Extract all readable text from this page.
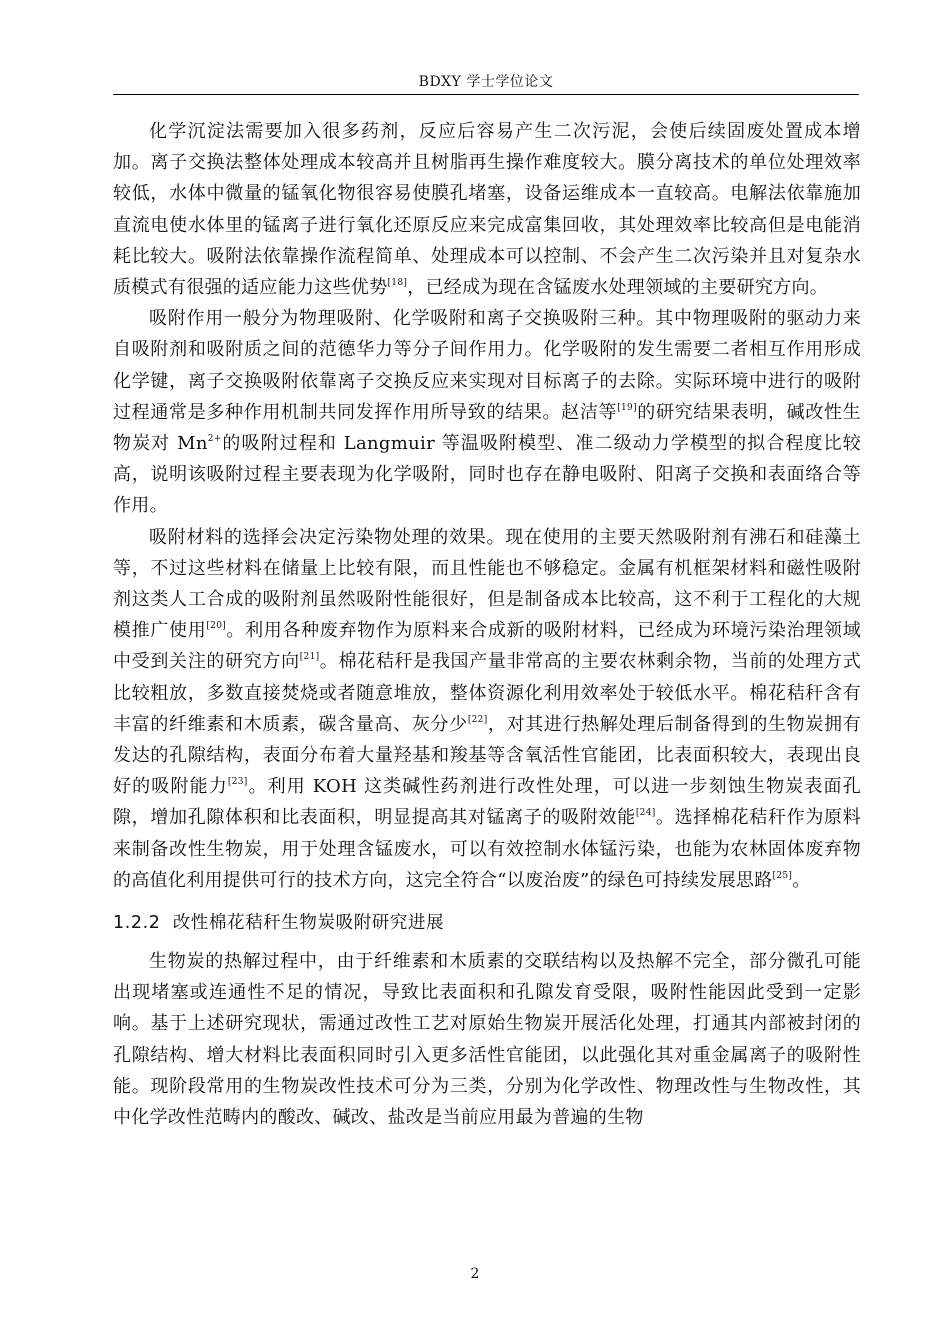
BDXY 学士学位论文

化学沉淀法需要加入很多药剂，反应后容易产生二次污泥，会使后续固废处置成本增加。离子交换法整体处理成本较高并且树脂再生操作难度较大。膜分离技术的单位处理效率较低，水体中微量的锰氧化物很容易使膜孔堵塞，设备运维成本一直较高。电解法依靠施加直流电使水体里的锰离子进行氧化还原反应来完成富集回收，其处理效率比较高但是电能消耗比较大。吸附法依靠操作流程简单、处理成本可以控制、不会产生二次污染并且对复杂水质模式有很强的适应能力这些优势[18]，已经成为现在含锰废水处理领域的主要研究方向。

吸附作用一般分为物理吸附、化学吸附和离子交换吸附三种。其中物理吸附的驱动力来自吸附剂和吸附质之间的范德华力等分子间作用力。化学吸附的发生需要二者相互作用形成化学键，离子交换吸附依靠离子交换反应来实现对目标离子的去除。实际环境中进行的吸附过程通常是多种作用机制共同发挥作用所导致的结果。赵洁等[19]的研究结果表明，碱改性生物炭对 $Mn^{2+}$的吸附过程和 Langmuir 等温吸附模型、准二级动力学模型的拟合程度比较高，说明该吸附过程主要表现为化学吸附，同时也存在静电吸附、阳离子交换和表面络合等作用。

吸附材料的选择会决定污染物处理的效果。现在使用的主要天然吸附剂有沸石和硅藻土等，不过这些材料在储量上比较有限，而且性能也不够稳定。金属有机框架材料和磁性吸附剂这类人工合成的吸附剂虽然吸附性能很好，但是制备成本比较高，这不利于工程化的大规模推广使用[20]。利用各种废弃物作为原料来合成新的吸附材料，已经成为环境污染治理领域中受到关注的研究方向[21]。棉花秸秆是我国产量非常高的主要农林剩余物，当前的处理方式比较粗放，多数直接焚烧或者随意堆放，整体资源化利用效率处于较低水平。棉花秸秆含有丰富的纤维素和木质素，碳含量高、灰分少[22]，对其进行热解处理后制备得到的生物炭拥有发达的孔隙结构，表面分布着大量羟基和羧基等含氧活性官能团，比表面积较大，表现出良好的吸附能力[23]。利用 KOH 这类碱性药剂进行改性处理，可以进一步刻蚀生物炭表面孔隙，增加孔隙体积和比表面积，明显提高其对锰离子的吸附效能[24]。选择棉花秸秆作为原料来制备改性生物炭，用于处理含锰废水，可以有效控制水体锰污染，也能为农林固体废弃物的高值化利用提供可行的技术方向，这完全符合“以废治废”的绿色可持续发展思路[25]。

1.2.2 改性棉花秸秆生物炭吸附研究进展

生物炭的热解过程中，由于纤维素和木质素的交联结构以及热解不完全，部分微孔可能出现堵塞或连通性不足的情况，导致比表面积和孔隙发育受限，吸附性能因此受到一定影响。基于上述研究现状，需通过改性工艺对原始生物炭开展活化处理，打通其内部被封闭的孔隙结构、增大材料比表面积同时引入更多活性官能团，以此强化其对重金属离子的吸附性能。现阶段常用的生物炭改性技术可分为三类，分别为化学改性、物理改性与生物改性，其中化学改性范畴内的酸改、碱改、盐改是当前应用最为普遍的生物

2
